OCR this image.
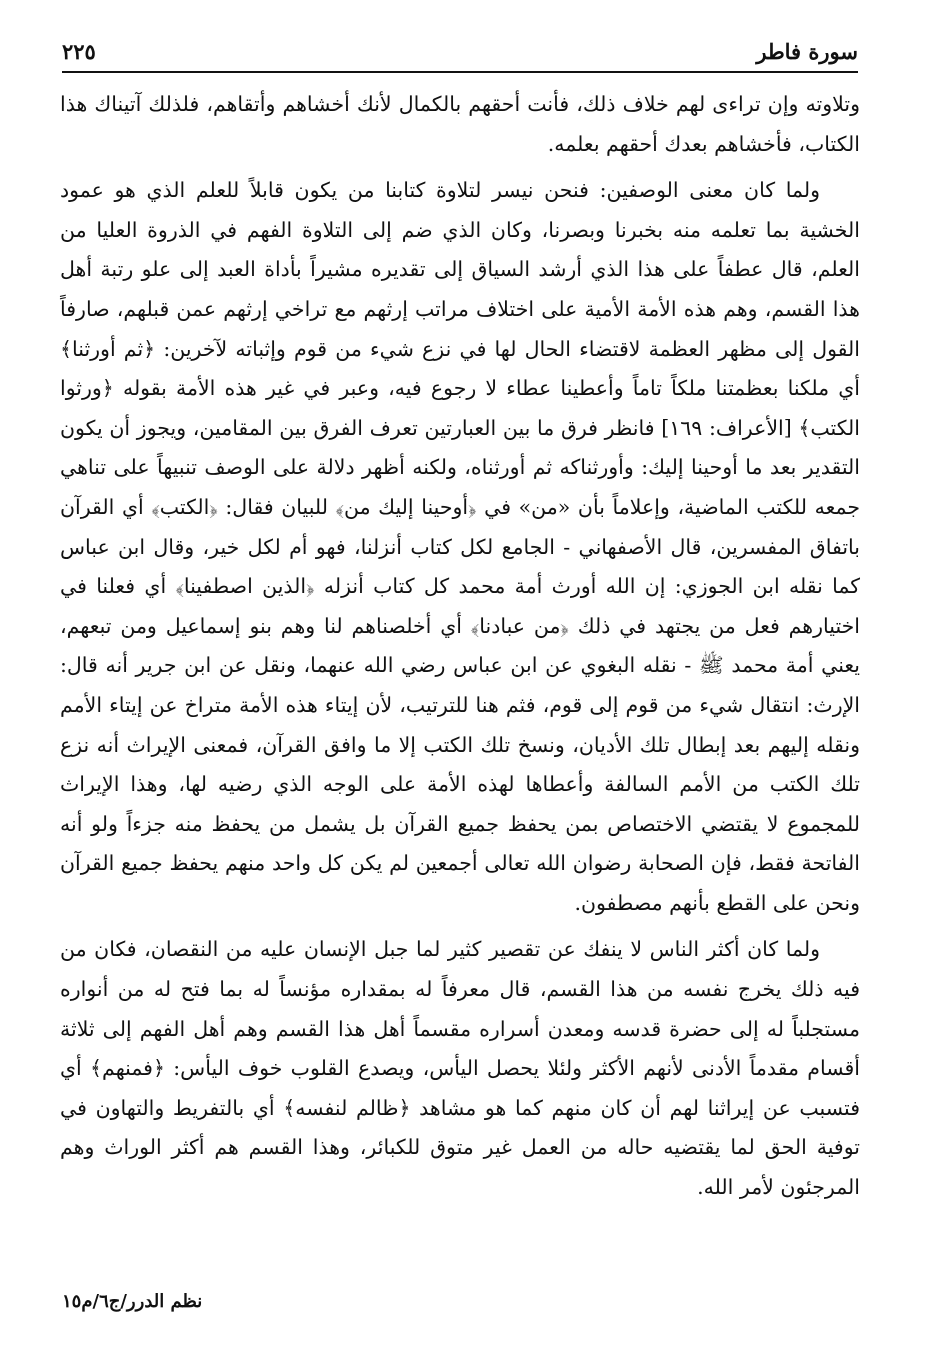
سورة فاطر
٢٢٥

وتلاوته وإن تراءى لهم خلاف ذلك، فأنت أحقهم بالكمال لأنك أخشاهم وأتقاهم، فلذلك آتيناك هذا الكتاب، فأخشاهم بعدك أحقهم بعلمه.

ولما كان معنى الوصفين: فنحن نيسر لتلاوة كتابنا من يكون قابلاً للعلم الذي هو عمود الخشية بما تعلمه منه بخبرنا وبصرنا، وكان الذي ضم إلى التلاوة الفهم في الذروة العليا من العلم، قال عطفاً على هذا الذي أرشد السياق إلى تقديره مشيراً بأداة العبد إلى علو رتبة أهل هذا القسم، وهم هذه الأمة الأمية على اختلاف مراتب إرثهم مع تراخي إرثهم عمن قبلهم، صارفاً القول إلى مظهر العظمة لاقتضاء الحال لها في نزع شيء من قوم وإثباته لآخرين: ﴿ثم أورثنا﴾ أي ملكنا بعظمتنا ملكاً تاماً وأعطينا عطاء لا رجوع فيه، وعبر في غير هذه الأمة بقوله ﴿ورثوا الكتب﴾ [الأعراف: ١٦٩] فانظر فرق ما بين العبارتين تعرف الفرق بين المقامين، ويجوز أن يكون التقدير بعد ما أوحينا إليك: وأورثناكه ثم أورثناه، ولكنه أظهر دلالة على الوصف تنبيهاً على تناهي جمعه للكتب الماضية، وإعلاماً بأن «من» في ﴿أوحينا إليك من﴾ للبيان فقال: ﴿الكتب﴾ أي القرآن باتفاق المفسرين، قال الأصفهاني - الجامع لكل كتاب أنزلنا، فهو أم لكل خير، وقال ابن عباس كما نقله ابن الجوزي: إن الله أورث أمة محمد كل كتاب أنزله ﴿الذين اصطفينا﴾ أي فعلنا في اختيارهم فعل من يجتهد في ذلك ﴿من عبادنا﴾ أي أخلصناهم لنا وهم بنو إسماعيل ومن تبعهم، يعني أمة محمد ﷺ - نقله البغوي عن ابن عباس رضي الله عنهما، ونقل عن ابن جرير أنه قال: الإرث: انتقال شيء من قوم إلى قوم، فثم هنا للترتيب، لأن إيتاء هذه الأمة متراخ عن إيتاء الأمم ونقله إليهم بعد إبطال تلك الأديان، ونسخ تلك الكتب إلا ما وافق القرآن، فمعنى الإيراث أنه نزع تلك الكتب من الأمم السالفة وأعطاها لهذه الأمة على الوجه الذي رضيه لها، وهذا الإيراث للمجموع لا يقتضي الاختصاص بمن يحفظ جميع القرآن بل يشمل من يحفظ منه جزءاً ولو أنه الفاتحة فقط، فإن الصحابة رضوان الله تعالى أجمعين لم يكن كل واحد منهم يحفظ جميع القرآن ونحن على القطع بأنهم مصطفون.

ولما كان أكثر الناس لا ينفك عن تقصير كثير لما جبل الإنسان عليه من النقصان، فكان من فيه ذلك يخرج نفسه من هذا القسم، قال معرفاً له بمقداره مؤنساً له بما فتح له من أنواره مستجلباً له إلى حضرة قدسه ومعدن أسراره مقسماً أهل هذا القسم وهم أهل الفهم إلى ثلاثة أقسام مقدماً الأدنى لأنهم الأكثر ولئلا يحصل اليأس، ويصدع القلوب خوف اليأس: ﴿فمنهم﴾ أي فتسبب عن إيراثنا لهم أن كان منهم كما هو مشاهد ﴿ظالم لنفسه﴾ أي بالتفريط والتهاون في توفية الحق لما يقتضيه حاله من العمل غير متوق للكبائر، وهذا القسم هم أكثر الوراث وهم المرجئون لأمر الله.

نظم الدرر/ج٦/م١٥
